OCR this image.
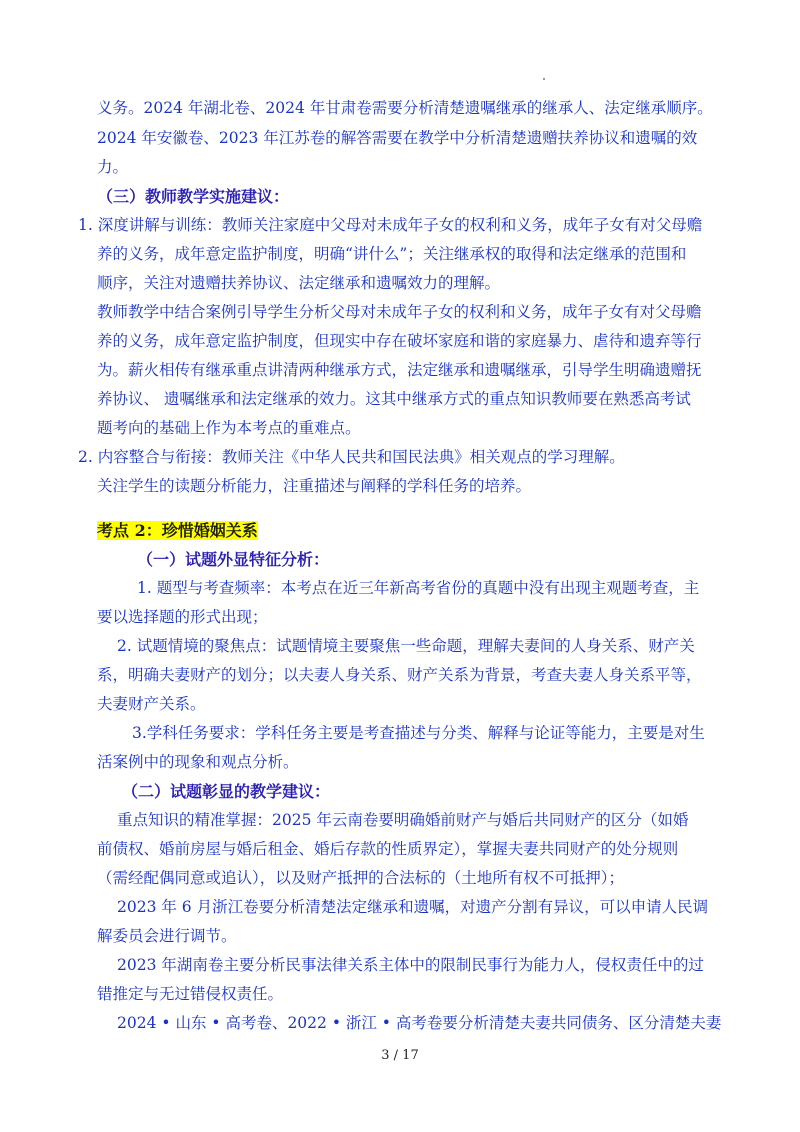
义务。2024 年湖北卷、2024 年甘肃卷需要分析清楚遗嘱继承的继承人、法定继承顺序。
2024 年安徽卷、2023 年江苏卷的解答需要在教学中分析清楚遗赠扶养协议和遗嘱的效
力。
（三）教师教学实施建议：
1. 深度讲解与训练：教师关注家庭中父母对未成年子女的权利和义务，成年子女有对父母赡
养的义务，成年意定监护制度，明确“讲什么”；关注继承权的取得和法定继承的范围和
顺序，关注对遗赠扶养协议、法定继承和遗嘱效力的理解。
教师教学中结合案例引导学生分析父母对未成年子女的权利和义务，成年子女有对父母赡
养的义务，成年意定监护制度，但现实中存在破坏家庭和谐的家庭暴力、虐待和遗弃等行
为。薪火相传有继承重点讲清两种继承方式，法定继承和遗嘱继承，引导学生明确遗赠抚
养协议、 遗嘱继承和法定继承的效力。这其中继承方式的重点知识教师要在熟悉高考试
题考向的基础上作为本考点的重难点。
2. 内容整合与衔接：教师关注《中华人民共和国民法典》相关观点的学习理解。
关注学生的读题分析能力，注重描述与阐释的学科任务的培养。
考点 2：珍惜婚姻关系
（一）试题外显特征分析：
1. 题型与考查频率：本考点在近三年新高考省份的真题中没有出现主观题考查，主
要以选择题的形式出现；
2. 试题情境的聚焦点：试题情境主要聚焦一些命题，理解夫妻间的人身关系、财产关
系，明确夫妻财产的划分；以夫妻人身关系、财产关系为背景，考查夫妻人身关系平等，
夫妻财产关系。
3.学科任务要求：学科任务主要是考查描述与分类、解释与论证等能力，主要是对生
活案例中的现象和观点分析。
（二）试题彰显的教学建议：
重点知识的精准掌握：2025 年云南卷要明确婚前财产与婚后共同财产的区分（如婚
前债权、婚前房屋与婚后租金、婚后存款的性质界定），掌握夫妻共同财产的处分规则
（需经配偶同意或追认），以及财产抵押的合法标的（土地所有权不可抵押）；
2023 年 6 月浙江卷要分析清楚法定继承和遗嘱，对遗产分割有异议，可以申请人民调
解委员会进行调节。
2023 年湖南卷主要分析民事法律关系主体中的限制民事行为能力人，侵权责任中的过
错推定与无过错侵权责任。
2024 • 山东 • 高考卷、2022 • 浙江 • 高考卷要分析清楚夫妻共同债务、区分清楚夫妻
3 / 17
